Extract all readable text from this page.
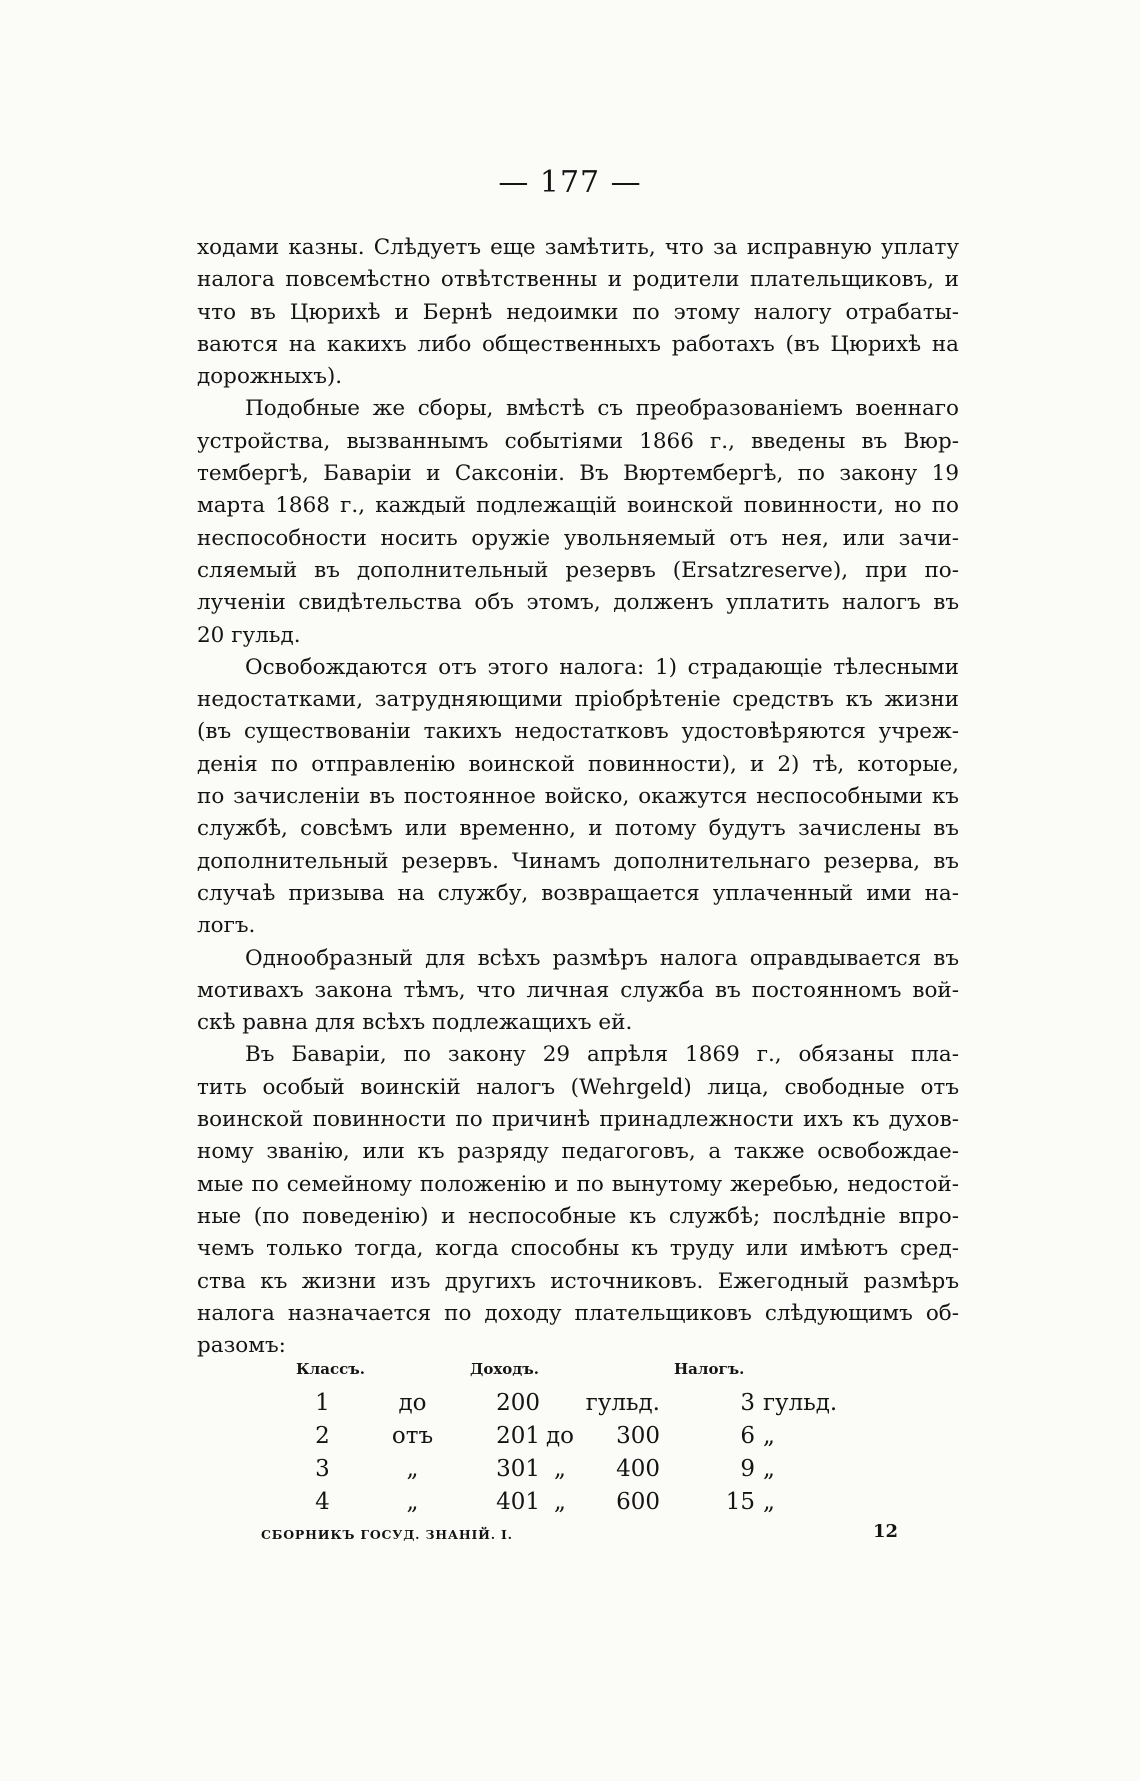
— 177 —

ходами казны. Слѣдуетъ еще замѣтить, что за исправную уплату

налога повсемѣстно отвѣтственны и родители плательщиковъ, и

что въ Цюрихѣ и Бернѣ недоимки по этому налогу отрабаты-

ваются на какихъ либо общественныхъ работахъ (въ Цюрихѣ на

дорожныхъ).

Подобные же сборы, вмѣстѣ съ преобразованіемъ военнаго

устройства, вызваннымъ событіями 1866 г., введены въ Вюр-

тембергѣ, Баваріи и Саксоніи. Въ Вюртембергѣ, по закону 19

марта 1868 г., каждый подлежащій воинской повинности, но по

неспособности носить оружіе увольняемый отъ нея, или зачи-

сляемый въ дополнительный резервъ (Ersatzreserve), при по-

лученіи свидѣтельства объ этомъ, долженъ уплатить налогъ въ

20 гульд.

Освобождаются отъ этого налога: 1) страдающіе тѣлесными

недостатками, затрудняющими пріобрѣтеніе средствъ къ жизни

(въ существованіи такихъ недостатковъ удостовѣряются учреж-

денія по отправленію воинской повинности), и 2) тѣ, которые,

по зачисленіи въ постоянное войско, окажутся неспособными къ

службѣ, совсѣмъ или временно, и потому будутъ зачислены въ

дополнительный резервъ. Чинамъ дополнительнаго резерва, въ

случаѣ призыва на службу, возвращается уплаченный ими на-

логъ.

Однообразный для всѣхъ размѣръ налога оправдывается въ

мотивахъ закона тѣмъ, что личная служба въ постоянномъ вой-

скѣ равна для всѣхъ подлежащихъ ей.

Въ Баваріи, по закону 29 апрѣля 1869 г., обязаны пла-

тить особый воинскій налогъ (Wehrgeld) лица, свободные отъ

воинской повинности по причинѣ принадлежности ихъ къ духов-

ному званію, или къ разряду педагоговъ, а также освобождае-

мые по семейному положенію и по вынутому жеребью, недостой-

ные (по поведенію) и неспособные къ службѣ; послѣдніе впро-

чемъ только тогда, когда способны къ труду или имѣютъ сред-

ства къ жизни изъ другихъ источниковъ. Ежегодный размѣръ

налога назначается по доходу плательщиковъ слѣдующимъ об-

разомъ:

Классъ.		Доходъ.			Налогъ.	
1	до	200		гульд.	3	гульд.
2	отъ	201	до	300	6	„
3	„	301	„	400	9	„
4	„	401	„	600	15	„
СБОРНИКЪ ГОСУД. ЗНАНІЙ. I.	12
